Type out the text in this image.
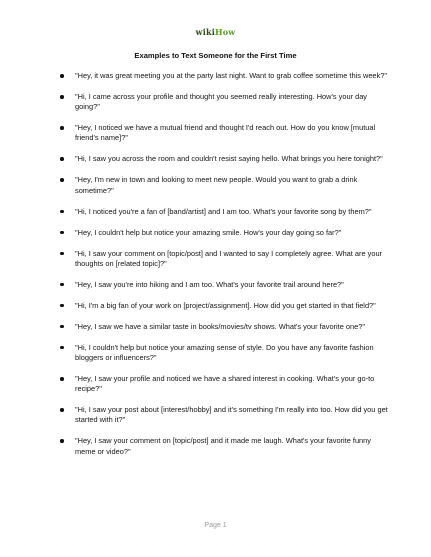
wikiHow
Examples to Text Someone for the First Time
"Hey, it was great meeting you at the party last night. Want to grab coffee sometime this week?"
"Hi, I came across your profile and thought you seemed really interesting. How's your day going?"
"Hey, I noticed we have a mutual friend and thought I'd reach out. How do you know [mutual friend's name]?"
"Hi, I saw you across the room and couldn't resist saying hello. What brings you here tonight?"
"Hey, I'm new in town and looking to meet new people. Would you want to grab a drink sometime?"
"Hi, I noticed you're a fan of [band/artist] and I am too. What's your favorite song by them?"
"Hey, I couldn't help but notice your amazing smile. How's your day going so far?"
"Hi, I saw your comment on [topic/post] and I wanted to say I completely agree. What are your thoughts on [related topic]?"
"Hey, I saw you're into hiking and I am too. What's your favorite trail around here?"
"Hi, I'm a big fan of your work on [project/assignment]. How did you get started in that field?"
"Hey, I saw we have a similar taste in books/movies/tv shows. What's your favorite one?"
"Hi, I couldn't help but notice your amazing sense of style. Do you have any favorite fashion bloggers or influencers?"
"Hey, I saw your profile and noticed we have a shared interest in cooking. What's your go-to recipe?"
"Hi, I saw your post about [interest/hobby] and it's something I'm really into too. How did you get started with it?"
"Hey, I saw your comment on [topic/post] and it made me laugh. What's your favorite funny meme or video?"
Page 1
